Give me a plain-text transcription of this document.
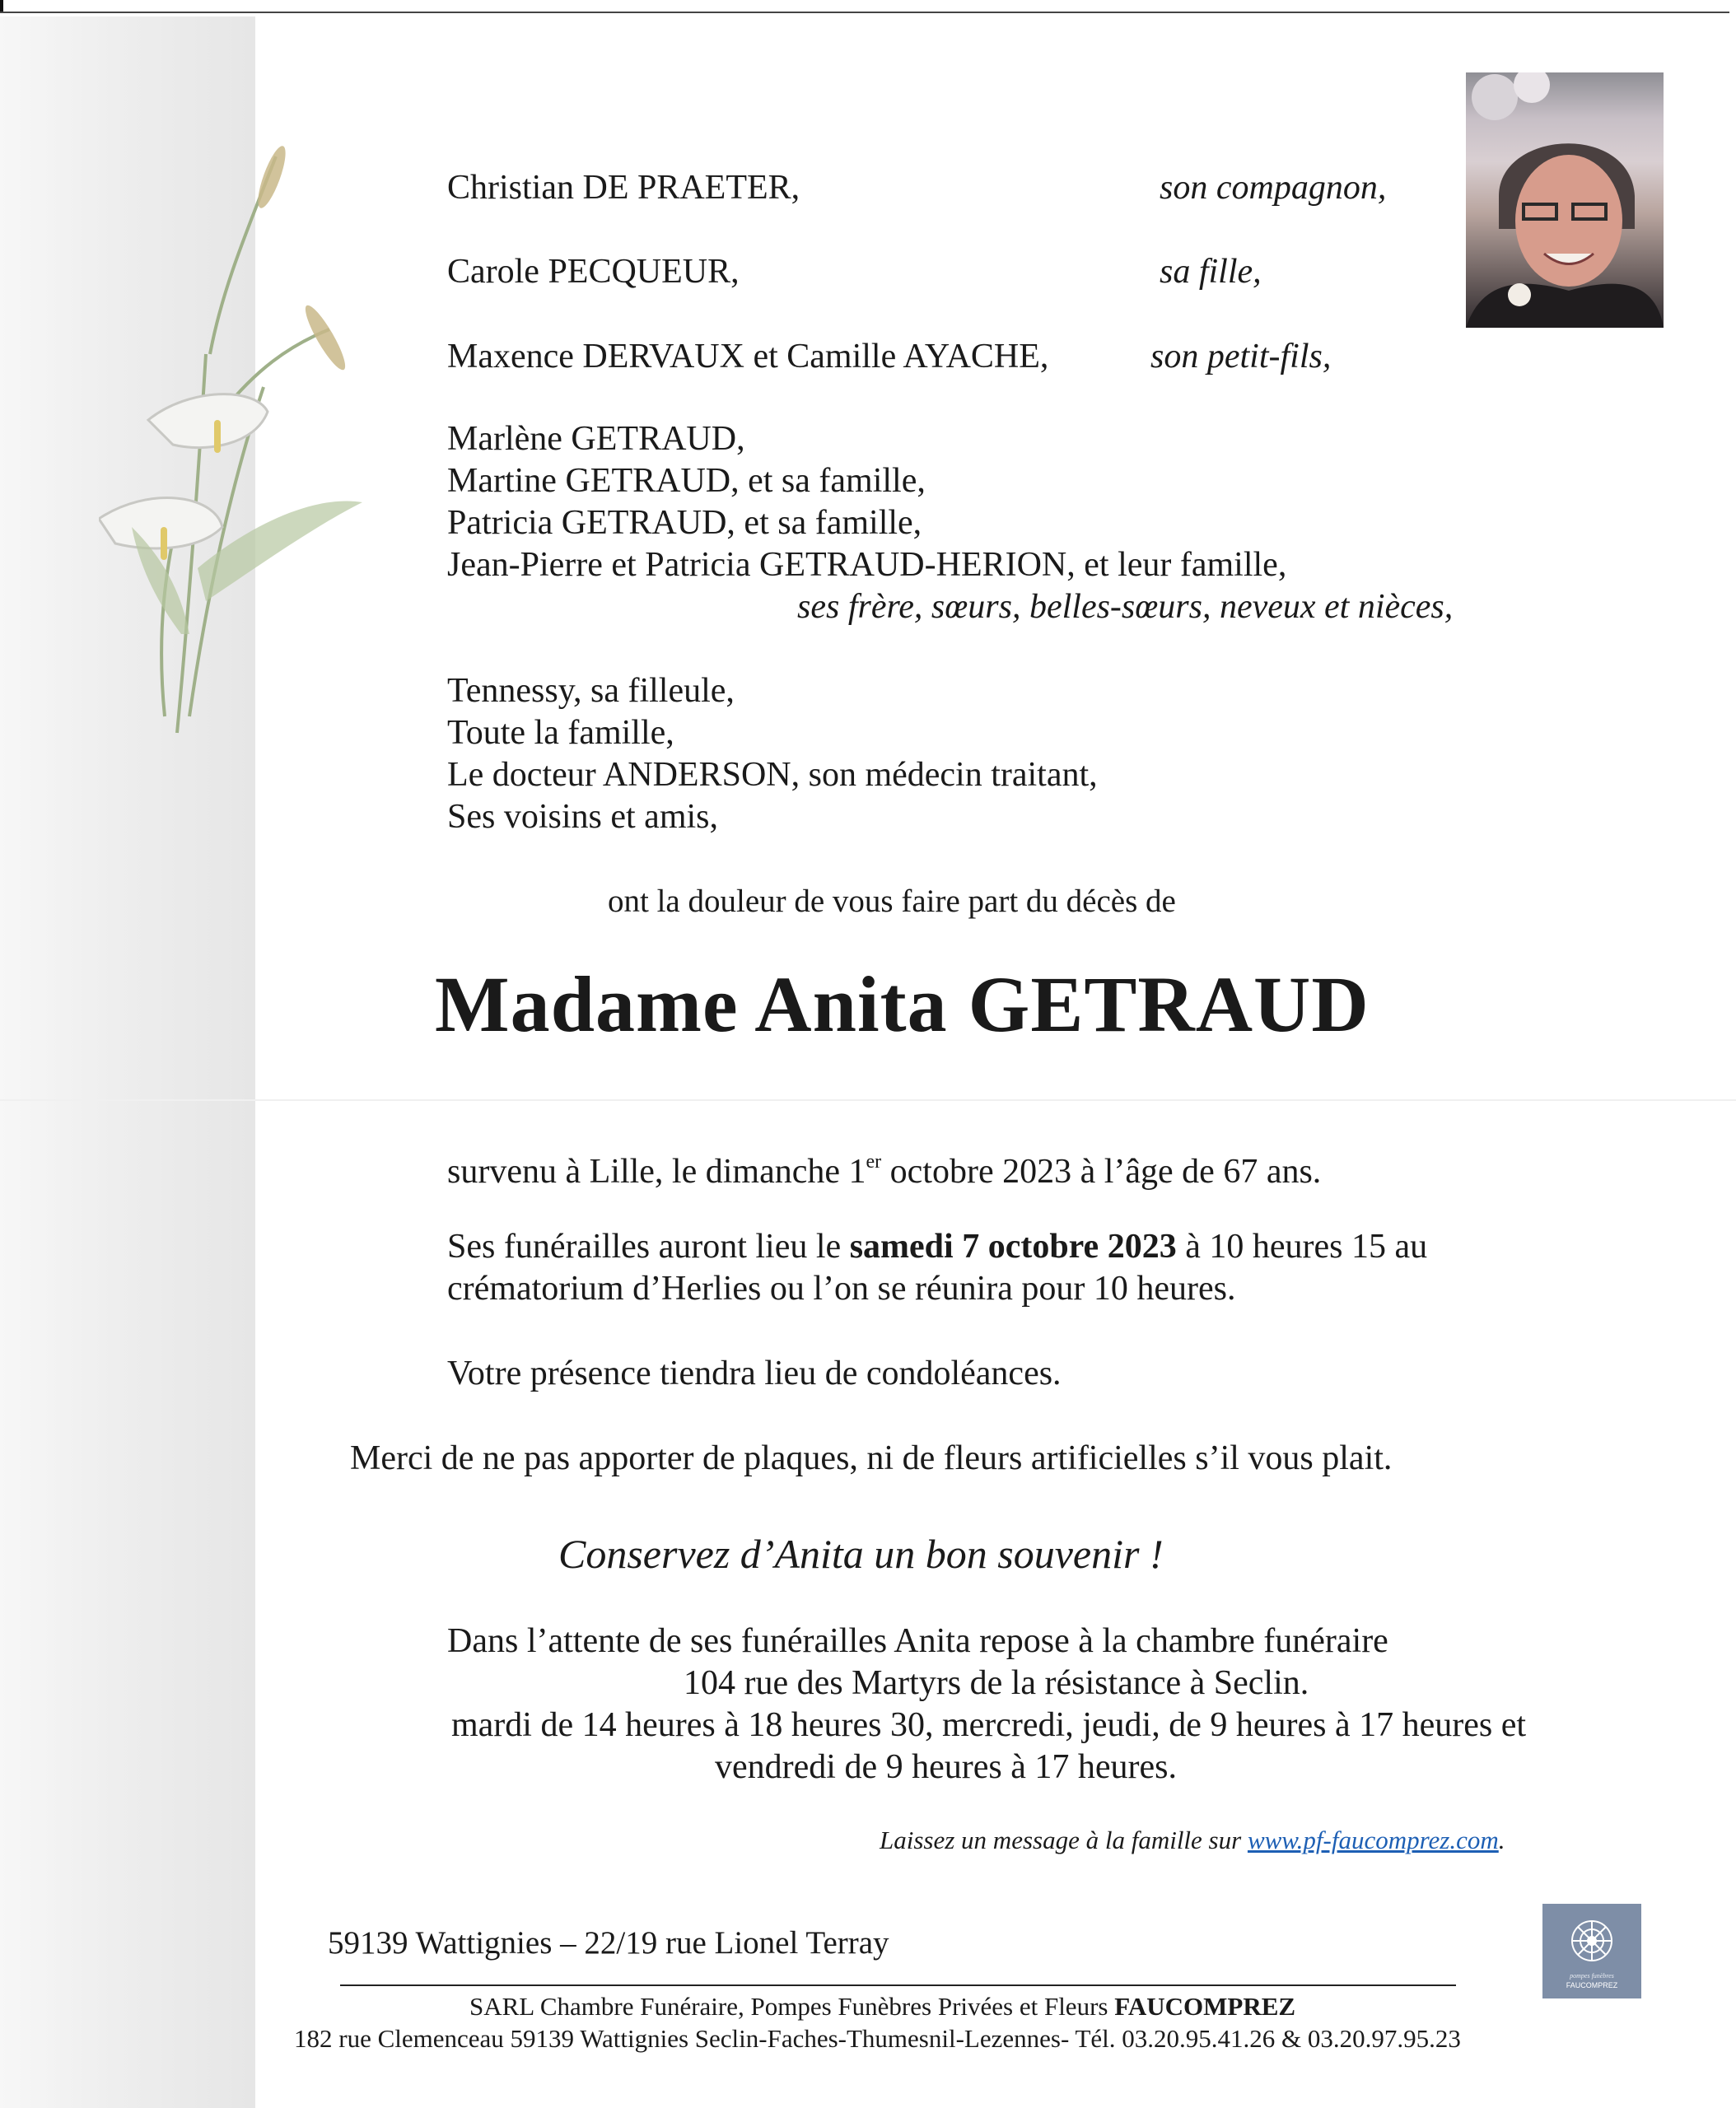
Christian DE PRAETER,	son compagnon,
Carole PECQUEUR,	sa fille,
Maxence DERVAUX et Camille AYACHE,	son petit-fils,
Marlène GETRAUD,
Martine GETRAUD, et sa famille,
Patricia GETRAUD, et sa famille,
Jean-Pierre et Patricia GETRAUD-HERION, et leur famille,
ses frère, sœurs, belles-sœurs, neveux et nièces,
Tennessy, sa filleule,
Toute la famille,
Le docteur ANDERSON, son médecin traitant,
Ses voisins et amis,
ont la douleur de vous faire part du décès de
Madame Anita GETRAUD
survenu à Lille, le dimanche 1er octobre 2023 à l’âge de 67 ans.
Ses funérailles auront lieu le samedi 7 octobre 2023 à 10 heures 15 au
crématorium d’Herlies ou l’on se réunira pour 10 heures.
Votre présence tiendra lieu de condoléances.
Merci de ne pas apporter de plaques, ni de fleurs artificielles s’il vous plait.
Conservez d’Anita un bon souvenir !
Dans l’attente de ses funérailles Anita repose à la chambre funéraire
104 rue des Martyrs de la résistance à Seclin.
mardi de 14 heures à 18 heures 30, mercredi, jeudi, de 9 heures à 17 heures et
vendredi de 9 heures à 17 heures.
Laissez un message à la famille sur www.pf-faucomprez.com.
59139 Wattignies – 22/19 rue Lionel Terray
pompes funèbres
FAUCOMPREZ
SARL Chambre Funéraire, Pompes Funèbres Privées et Fleurs FAUCOMPREZ
182 rue Clemenceau 59139 Wattignies Seclin-Faches-Thumesnil-Lezennes- Tél. 03.20.95.41.26 & 03.20.97.95.23
